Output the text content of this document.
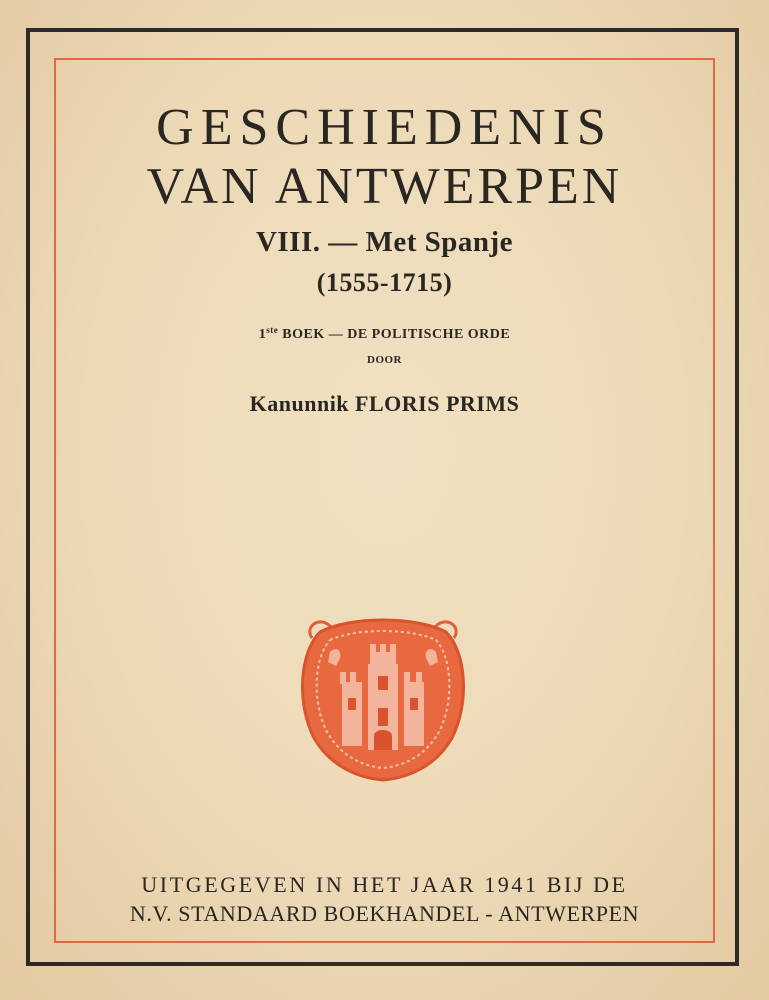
GESCHIEDENIS
VAN ANTWERPEN
VIII. — Met Spanje
(1555-1715)
1ste BOEK — DE POLITISCHE ORDE
DOOR
Kanunnik FLORIS PRIMS
UITGEGEVEN IN HET JAAR 1941 BIJ DE
N.V. STANDAARD BOEKHANDEL - ANTWERPEN
